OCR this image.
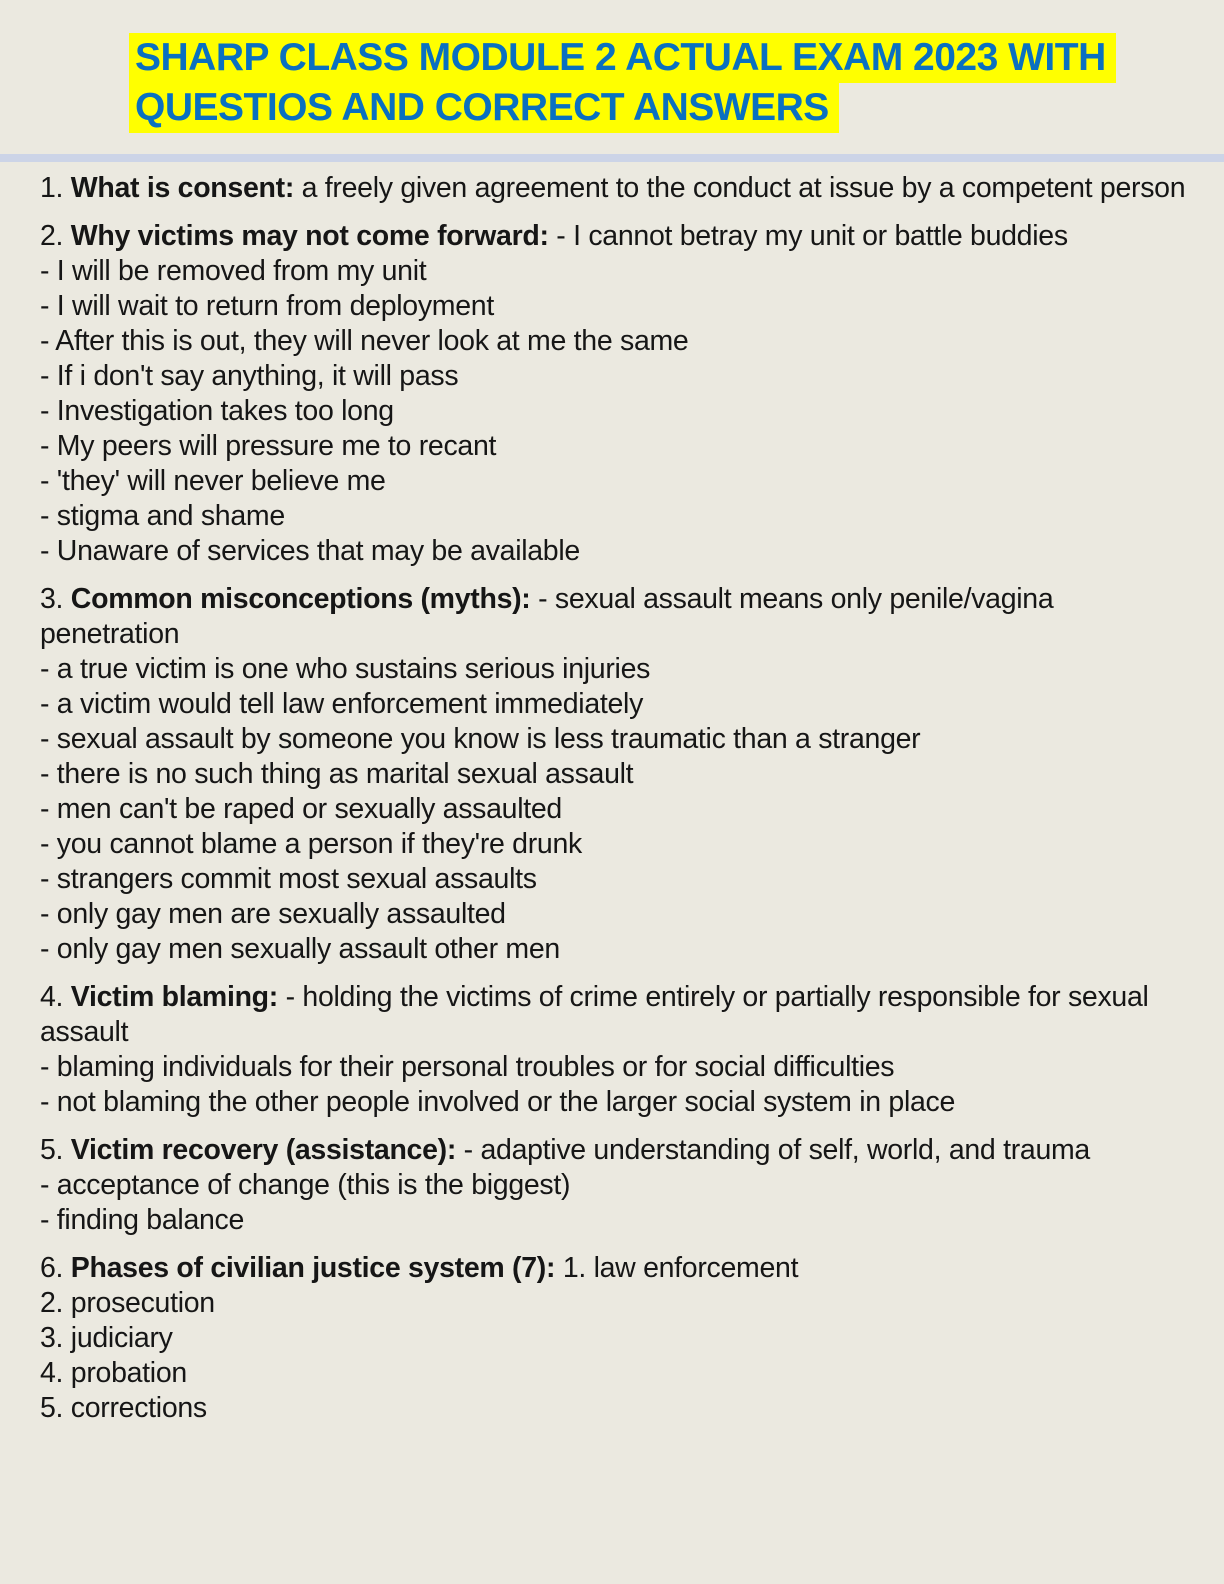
SHARP CLASS MODULE 2 ACTUAL EXAM 2023 WITH
QUESTIOS AND CORRECT ANSWERS
1. What is consent: a freely given agreement to the conduct at issue by a competent person
2. Why victims may not come forward: - I cannot betray my unit or battle buddies
- I will be removed from my unit
- I will wait to return from deployment
- After this is out, they will never look at me the same
- If i don't say anything, it will pass
- Investigation takes too long
- My peers will pressure me to recant
- 'they' will never believe me
- stigma and shame
- Unaware of services that may be available
3. Common misconceptions (myths): - sexual assault means only penile/vagina penetration
- a true victim is one who sustains serious injuries
- a victim would tell law enforcement immediately
- sexual assault by someone you know is less traumatic than a stranger
- there is no such thing as marital sexual assault
- men can't be raped or sexually assaulted
- you cannot blame a person if they're drunk
- strangers commit most sexual assaults
- only gay men are sexually assaulted
- only gay men sexually assault other men
4. Victim blaming: - holding the victims of crime entirely or partially responsible for sexual assault
- blaming individuals for their personal troubles or for social difficulties
- not blaming the other people involved or the larger social system in place
5. Victim recovery (assistance): - adaptive understanding of self, world, and trauma
- acceptance of change (this is the biggest)
- finding balance
6. Phases of civilian justice system (7): 1. law enforcement
2. prosecution
3. judiciary
4. probation
5. corrections
